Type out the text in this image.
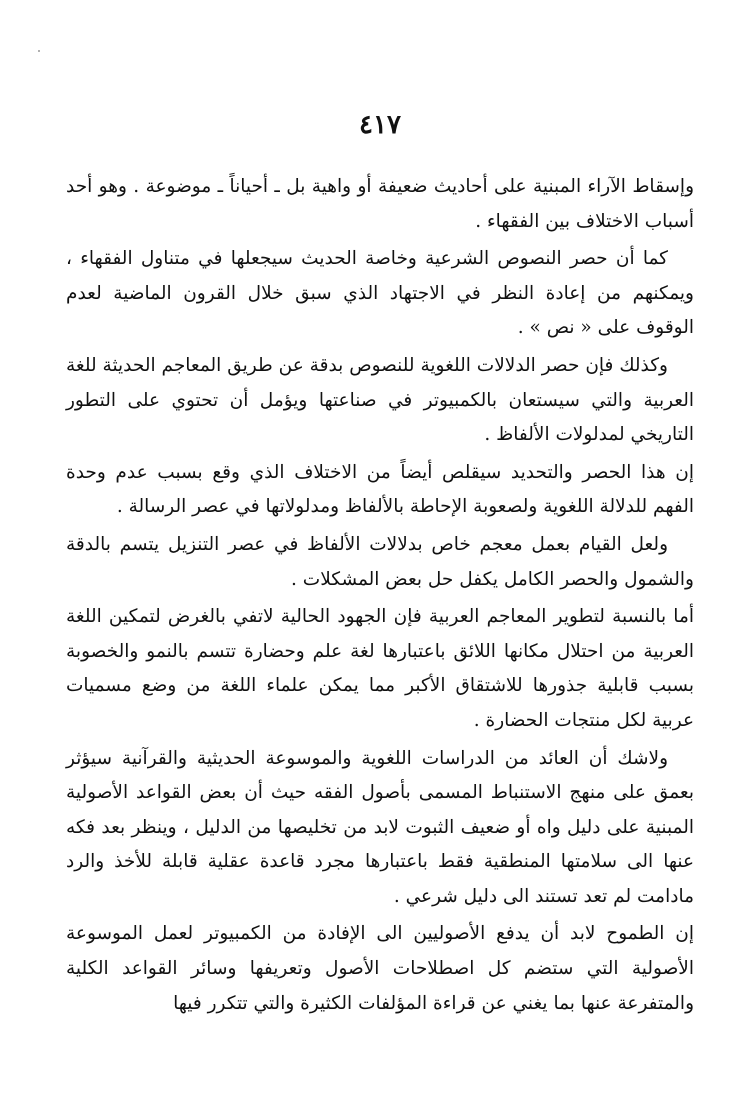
٤١٧

وإسقاط الآراء المبنية على أحاديث ضعيفة أو واهية بل ـ أحياناً ـ موضوعة . وهو أحد أسباب الاختلاف بين الفقهاء .

كما أن حصر النصوص الشرعية وخاصة الحديث سيجعلها في متناول الفقهاء ، ويمكنهم من إعادة النظر في الاجتهاد الذي سبق خلال القرون الماضية لعدم الوقوف على « نص » .

وكذلك فإن حصر الدلالات اللغوية للنصوص بدقة عن طريق المعاجم الحديثة للغة العربية والتي سيستعان بالكمبيوتر في صناعتها ويؤمل أن تحتوي على التطور التاريخي لمدلولات الألفاظ .

إن هذا الحصر والتحديد سيقلص أيضاً من الاختلاف الذي وقع بسبب عدم وحدة الفهم للدلالة اللغوية ولصعوبة الإحاطة بالألفاظ ومدلولاتها في عصر الرسالة .

ولعل القيام بعمل معجم خاص بدلالات الألفاظ في عصر التنزيل يتسم بالدقة والشمول والحصر الكامل يكفل حل بعض المشكلات .

أما بالنسبة لتطوير المعاجم العربية فإن الجهود الحالية لاتفي بالغرض لتمكين اللغة العربية من احتلال مكانها اللائق باعتبارها لغة علم وحضارة تتسم بالنمو والخصوبة بسبب قابلية جذورها للاشتقاق الأكبر مما يمكن علماء اللغة من وضع مسميات عربية لكل منتجات الحضارة .

ولاشك أن العائد من الدراسات اللغوية والموسوعة الحديثية والقرآنية سيؤثر بعمق على منهج الاستنباط المسمى بأصول الفقه حيث أن بعض القواعد الأصولية المبنية على دليل واه أو ضعيف الثبوت لابد من تخليصها من الدليل ، وينظر بعد فكه عنها الى سلامتها المنطقية فقط باعتبارها مجرد قاعدة عقلية قابلة للأخذ والرد مادامت لم تعد تستند الى دليل شرعي .

إن الطموح لابد أن يدفع الأصوليين الى الإفادة من الكمبيوتر لعمل الموسوعة الأصولية التي ستضم كل اصطلاحات الأصول وتعريفها وسائر القواعد الكلية والمتفرعة عنها بما يغني عن قراءة المؤلفات الكثيرة والتي تتكرر فيها
